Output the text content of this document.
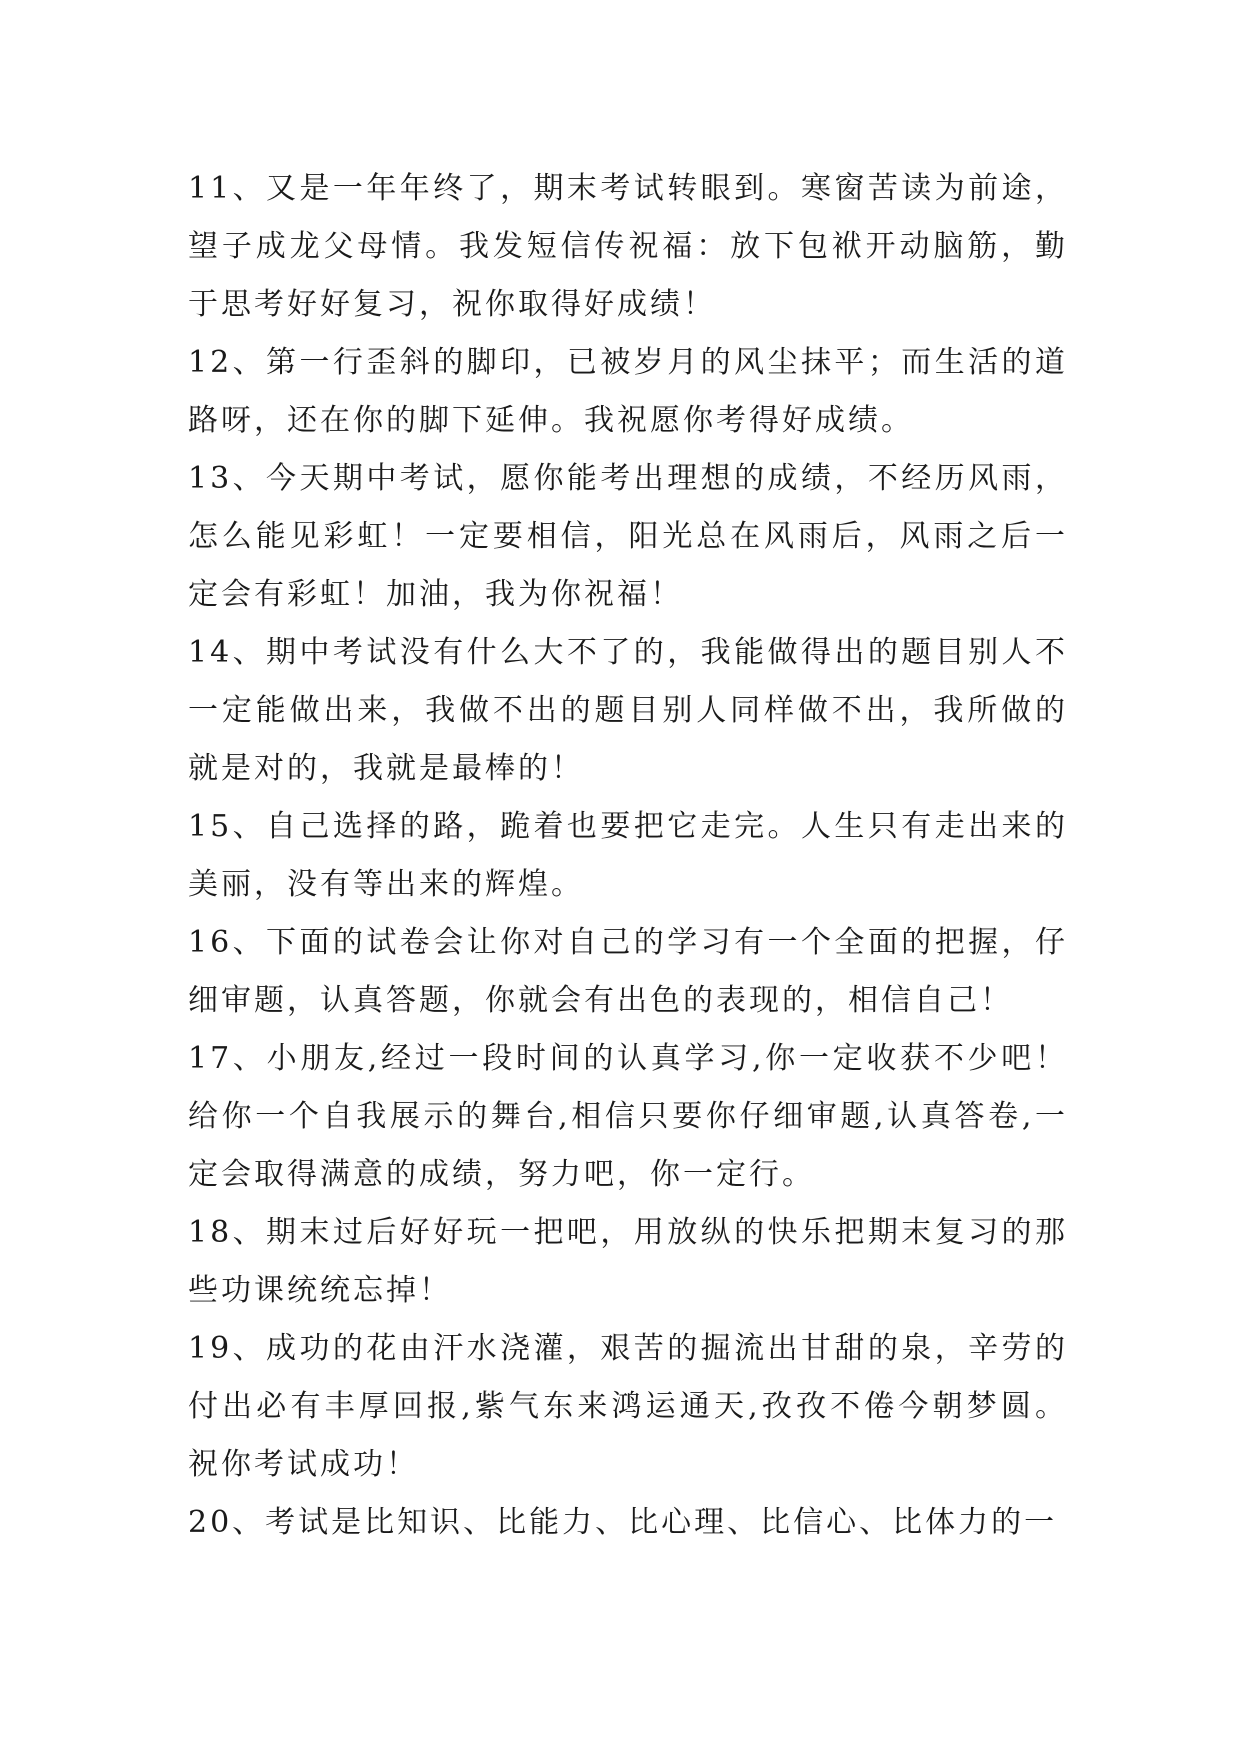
11、又是一年年终了，期末考试转眼到。寒窗苦读为前途，望子成龙父母情。我发短信传祝福：放下包袱开动脑筋，勤于思考好好复习，祝你取得好成绩！

12、第一行歪斜的脚印，已被岁月的风尘抹平；而生活的道路呀，还在你的脚下延伸。我祝愿你考得好成绩。

13、今天期中考试，愿你能考出理想的成绩，不经历风雨，怎么能见彩虹！一定要相信，阳光总在风雨后，风雨之后一定会有彩虹！加油，我为你祝福！

14、期中考试没有什么大不了的，我能做得出的题目别人不一定能做出来，我做不出的题目别人同样做不出，我所做的就是对的，我就是最棒的！

15、自己选择的路，跪着也要把它走完。人生只有走出来的美丽，没有等出来的辉煌。

16、下面的试卷会让你对自己的学习有一个全面的把握，仔细审题，认真答题，你就会有出色的表现的，相信自己！

17、小朋友,经过一段时间的认真学习,你一定收获不少吧！给你一个自我展示的舞台,相信只要你仔细审题,认真答卷,一定会取得满意的成绩，努力吧，你一定行。

18、期末过后好好玩一把吧，用放纵的快乐把期末复习的那些功课统统忘掉！

19、成功的花由汗水浇灌，艰苦的掘流出甘甜的泉，辛劳的付出必有丰厚回报,紫气东来鸿运通天,孜孜不倦今朝梦圆。祝你考试成功！

20、考试是比知识、比能力、比心理、比信心、比体力的一
